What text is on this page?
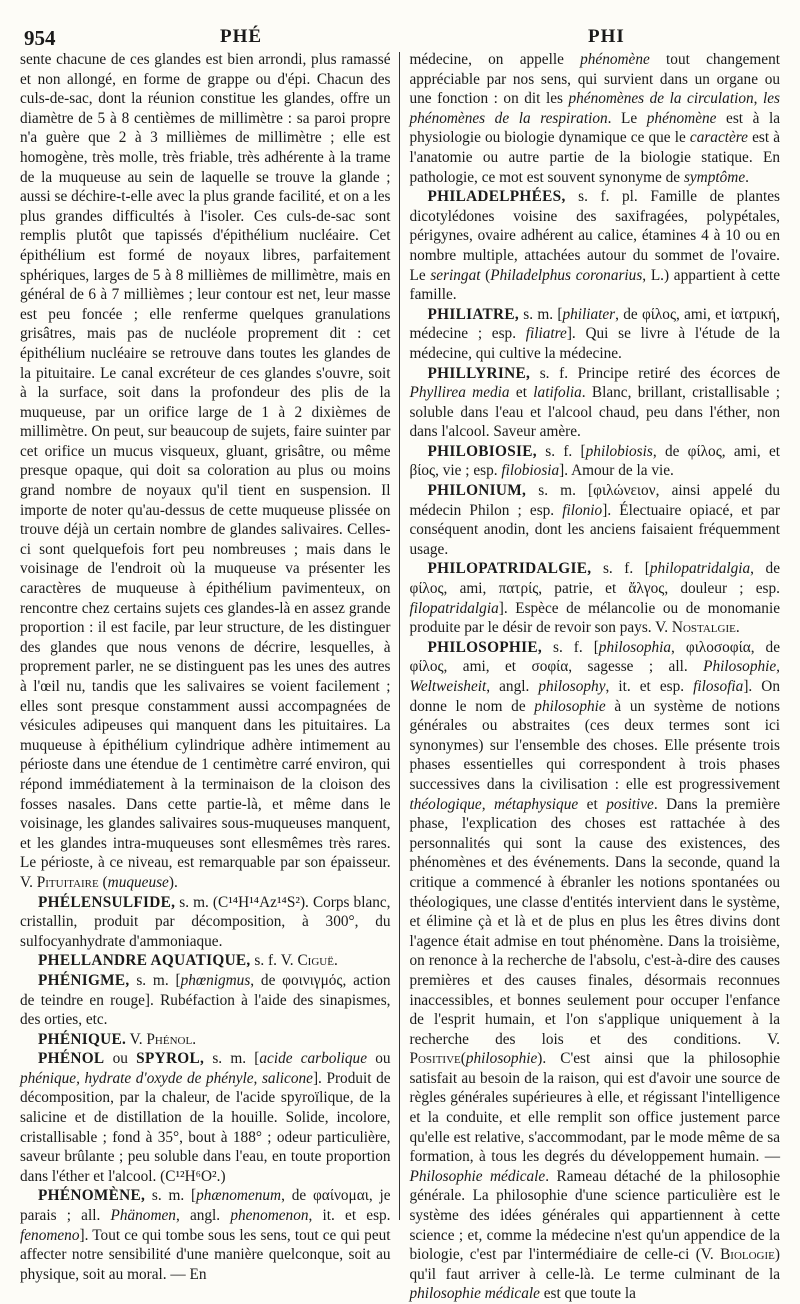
954	PHÉ	PHI

sente chacune de ces glandes est bien arrondi, plus ramassé et non allongé, en forme de grappe ou d'épi. Chacun des culs-de-sac, dont la réunion constitue les glandes, offre un diamètre de 5 à 8 centièmes de millimètre : sa paroi propre n'a guère que 2 à 3 millièmes de millimètre ; elle est homogène, très molle, très friable, très adhérente à la trame de la muqueuse au sein de laquelle se trouve la glande ; aussi se déchire-t-elle avec la plus grande facilité, et on a les plus grandes difficultés à l'isoler. Ces culs-de-sac sont remplis plutôt que tapissés d'épithélium nucléaire. Cet épithélium est formé de noyaux libres, parfaitement sphériques, larges de 5 à 8 millièmes de millimètre, mais en général de 6 à 7 millièmes ; leur contour est net, leur masse est peu foncée ; elle renferme quelques granulations grisâtres, mais pas de nucléole proprement dit : cet épithélium nucléaire se retrouve dans toutes les glandes de la pituitaire. Le canal excréteur de ces glandes s'ouvre, soit à la surface, soit dans la profondeur des plis de la muqueuse, par un orifice large de 1 à 2 dixièmes de millimètre. On peut, sur beaucoup de sujets, faire suinter par cet orifice un mucus visqueux, gluant, grisâtre, ou même presque opaque, qui doit sa coloration au plus ou moins grand nombre de noyaux qu'il tient en suspension. Il importe de noter qu'au-dessus de cette muqueuse plissée on trouve déjà un certain nombre de glandes salivaires. Celles-ci sont quelquefois fort peu nombreuses ; mais dans le voisinage de l'endroit où la muqueuse va présenter les caractères de muqueuse à épithélium pavimenteux, on rencontre chez certains sujets ces glandes-là en assez grande proportion : il est facile, par leur structure, de les distinguer des glandes que nous venons de décrire, lesquelles, à proprement parler, ne se distinguent pas les unes des autres à l'œil nu, tandis que les salivaires se voient facilement ; elles sont presque constamment aussi accompagnées de vésicules adipeuses qui manquent dans les pituitaires. La muqueuse à épithélium cylindrique adhère intimement au périoste dans une étendue de 1 centimètre carré environ, qui répond immédiatement à la terminaison de la cloison des fosses nasales. Dans cette partie-là, et même dans le voisinage, les glandes salivaires sous-muqueuses manquent, et les glandes intra-muqueuses sont ellesmêmes très rares. Le périoste, à ce niveau, est remarquable par son épaisseur. V. Pituitaire (muqueuse).

PHÉLENSULFIDE, s. m. (C¹⁴H¹⁴Az¹⁴S²). Corps blanc, cristallin, produit par décomposition, à 300°, du sulfocyanhydrate d'ammoniaque.

PHELLANDRE AQUATIQUE, s. f. V. Ciguë.

PHÉNIGME, s. m. [phœnigmus, de φοινιγμός, action de teindre en rouge]. Rubéfaction à l'aide des sinapismes, des orties, etc.

PHÉNIQUE. V. Phénol.

PHÉNOL ou SPYROL, s. m. [acide carbolique ou phénique, hydrate d'oxyde de phényle, salicone]. Produit de décomposition, par la chaleur, de l'acide spyroïlique, de la salicine et de distillation de la houille. Solide, incolore, cristallisable ; fond à 35°, bout à 188° ; odeur particulière, saveur brûlante ; peu soluble dans l'eau, en toute proportion dans l'éther et l'alcool. (C¹²H⁶O².)

PHÉNOMÈNE, s. m. [phænomenum, de φαίνομαι, je parais ; all. Phänomen, angl. phenomenon, it. et esp. fenomeno]. Tout ce qui tombe sous les sens, tout ce qui peut affecter notre sensibilité d'une manière quelconque, soit au physique, soit au moral. — En

médecine, on appelle phénomène tout changement appréciable par nos sens, qui survient dans un organe ou une fonction : on dit les phénomènes de la circulation, les phénomènes de la respiration. Le phénomène est à la physiologie ou biologie dynamique ce que le caractère est à l'anatomie ou autre partie de la biologie statique. En pathologie, ce mot est souvent synonyme de symptôme.

PHILADELPHÉES, s. f. pl. Famille de plantes dicotylédones voisine des saxifragées, polypétales, périgynes, ovaire adhérent au calice, étamines 4 à 10 ou en nombre multiple, attachées autour du sommet de l'ovaire. Le seringat (Philadelphus coronarius, L.) appartient à cette famille.

PHILIATRE, s. m. [philiater, de φίλος, ami, et ἰατρική, médecine ; esp. filiatre]. Qui se livre à l'étude de la médecine, qui cultive la médecine.

PHILLYRINE, s. f. Principe retiré des écorces de Phyllirea media et latifolia. Blanc, brillant, cristallisable ; soluble dans l'eau et l'alcool chaud, peu dans l'éther, non dans l'alcool. Saveur amère.

PHILOBIOSIE, s. f. [philobiosis, de φίλος, ami, et βίος, vie ; esp. filobiosia]. Amour de la vie.

PHILONIUM, s. m. [φιλώνειον, ainsi appelé du médecin Philon ; esp. filonio]. Électuaire opiacé, et par conséquent anodin, dont les anciens faisaient fréquemment usage.

PHILOPATRIDALGIE, s. f. [philopatridalgia, de φίλος, ami, πατρίς, patrie, et ἄλγος, douleur ; esp. filopatridalgia]. Espèce de mélancolie ou de monomanie produite par le désir de revoir son pays. V. Nostalgie.

PHILOSOPHIE, s. f. [philosophia, φιλοσοφία, de φίλος, ami, et σοφία, sagesse ; all. Philosophie, Weltweisheit, angl. philosophy, it. et esp. filosofia]. On donne le nom de philosophie à un système de notions générales ou abstraites (ces deux termes sont ici synonymes) sur l'ensemble des choses. Elle présente trois phases essentielles qui correspondent à trois phases successives dans la civilisation : elle est progressivement théologique, métaphysique et positive. Dans la première phase, l'explication des choses est rattachée à des personnalités qui sont la cause des existences, des phénomènes et des événements. Dans la seconde, quand la critique a commencé à ébranler les notions spontanées ou théologiques, une classe d'entités intervient dans le système, et élimine çà et là et de plus en plus les êtres divins dont l'agence était admise en tout phénomène. Dans la troisième, on renonce à la recherche de l'absolu, c'est-à-dire des causes premières et des causes finales, désormais reconnues inaccessibles, et bonnes seulement pour occuper l'enfance de l'esprit humain, et l'on s'applique uniquement à la recherche des lois et des conditions. V. Positive(philosophie). C'est ainsi que la philosophie satisfait au besoin de la raison, qui est d'avoir une source de règles générales supérieures à elle, et régissant l'intelligence et la conduite, et elle remplit son office justement parce qu'elle est relative, s'accommodant, par le mode même de sa formation, à tous les degrés du développement humain. — Philosophie médicale. Rameau détaché de la philosophie générale. La philosophie d'une science particulière est le système des idées générales qui appartiennent à cette science ; et, comme la médecine n'est qu'un appendice de la biologie, c'est par l'intermédiaire de celle-ci (V. Biologie) qu'il faut arriver à celle-là. Le terme culminant de la philosophie médicale est que toute la
